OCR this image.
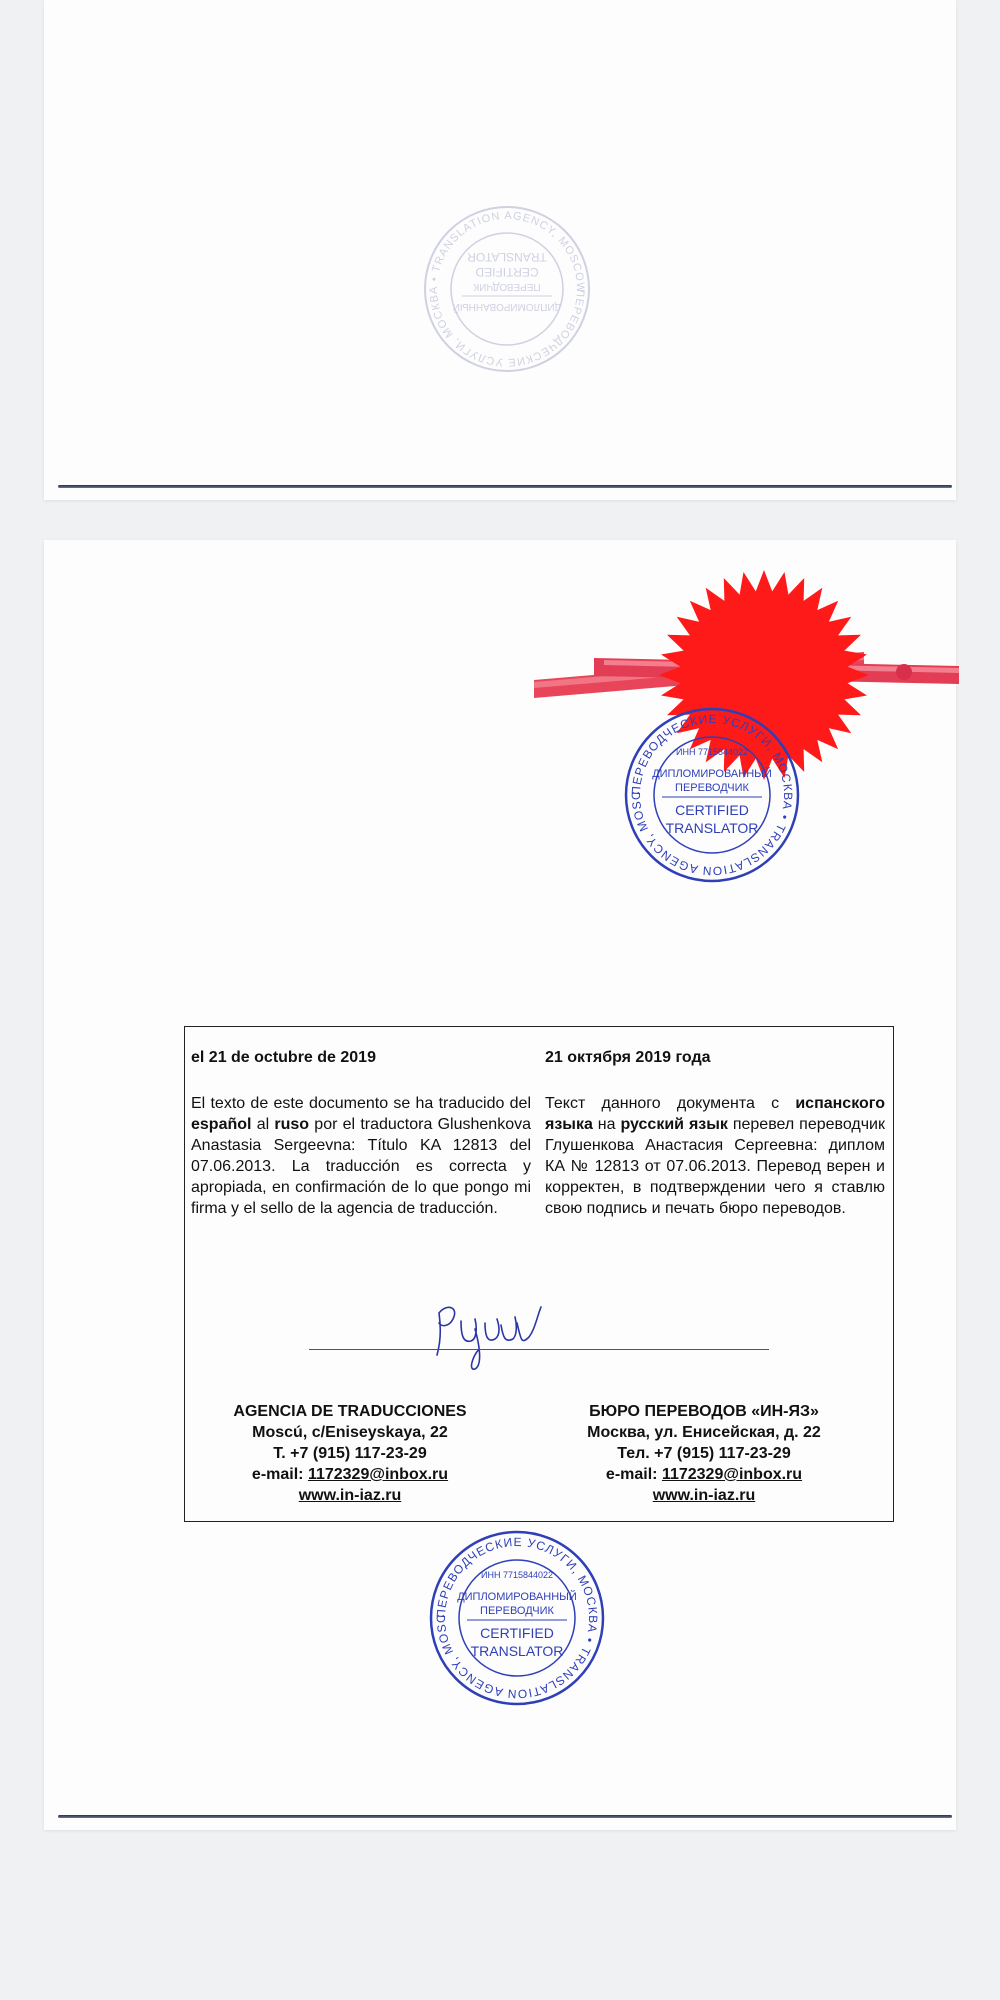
ПЕРЕВОДЧЕСКИЕ УСЛУГИ, МОСКВА • TRANSLATION AGENCY, MOSCOW
ДИПЛОМИРОВАННЫЙ
ПЕРЕВОДЧИК
CERTIFIED
TRANSLATOR
ПЕРЕВОДЧЕСКИЕ УСЛУГИ, МОСКВА • TRANSLATION AGENCY, MOSC
ИНН 7715844022
ДИПЛОМИРОВАННЫЙ
ПЕРЕВОДЧИК
CERTIFIED
TRANSLATOR

el 21 de octubre de 2019

El texto de este documento se ha traducido del español al ruso por el traductora Glushenkova Anastasia Sergeevna: Título KA 12813 del 07.06.2013. La traducción es correcta y apropiada, en confirmación de lo que pongo mi firma y el sello de la agencia de traducción.

21 октября 2019 года

Текст данного документа с испанского языка на русский язык перевел переводчик Глушенкова Анастасия Сергеевна: диплом КА № 12813 от 07.06.2013. Перевод верен и корректен, в подтверждении чего я ставлю свою подпись и печать бюро переводов.

AGENCIA DE TRADUCCIONES
Moscú, c/Eniseyskaya, 22
T. +7 (915) 117-23-29
e-mail: 1172329@inbox.ru
www.in-iaz.ru
БЮРО ПЕРЕВОДОВ «ИН-ЯЗ»
Москва, ул. Енисейская, д. 22
Тел. +7 (915) 117-23-29
e-mail: 1172329@inbox.ru
www.in-iaz.ru
ПЕРЕВОДЧЕСКИЕ УСЛУГИ, МОСКВА • TRANSLATION AGENCY, MOSC
ИНН 7715844022
ДИПЛОМИРОВАННЫЙ
ПЕРЕВОДЧИК
CERTIFIED
TRANSLATOR
